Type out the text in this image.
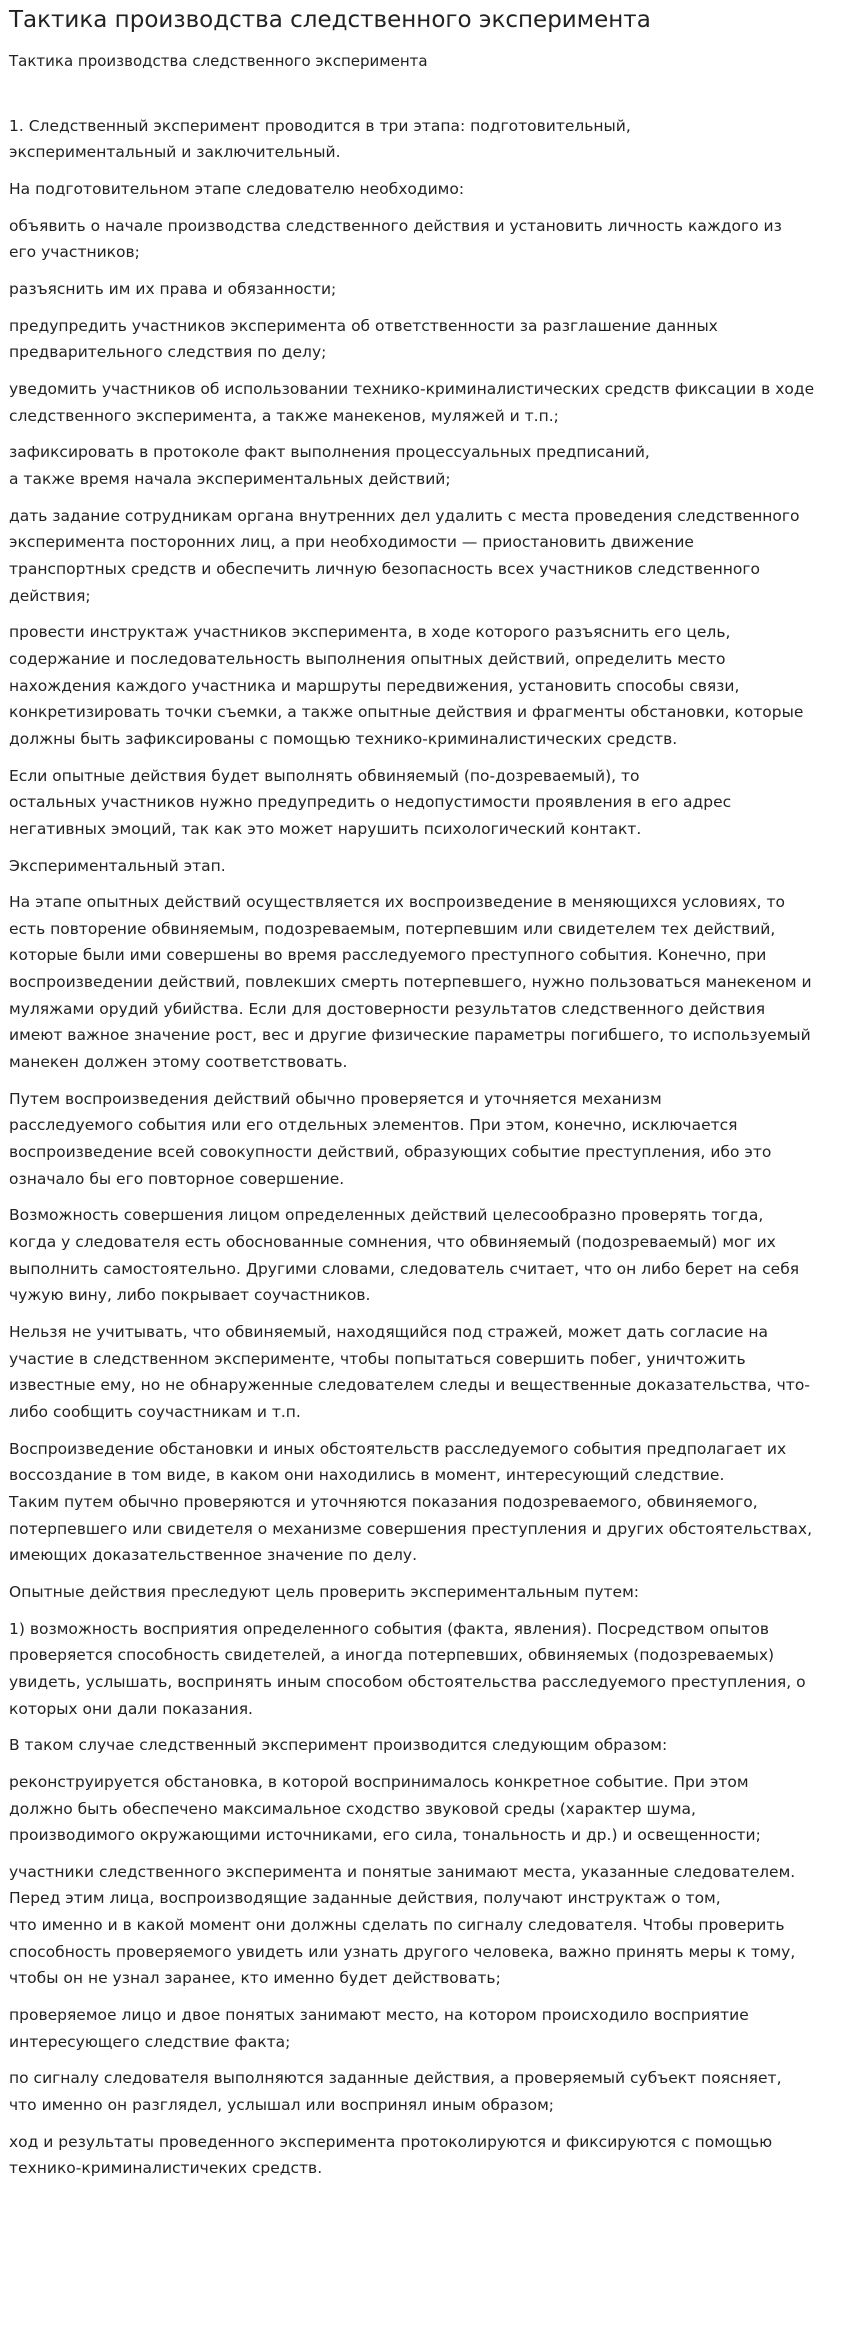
Тактика производства следственного эксперимента
Тактика производства следственного эксперимента

1. Следственный эксперимент проводится в три этапа: подготовительный,
экспериментальный и заключительный.

На подготовительном этапе следователю необходимо:

объявить о начале производства следственного действия и установить личность каждого из
его участников;

разъяснить им их права и обязанности;

предупредить участников эксперимента об ответственности за разглашение данных
предварительного следствия по делу;

уведомить участников об использовании технико-криминалистических средств фиксации в ходе
следственного эксперимента, а также манекенов, муляжей и т.п.;

зафиксировать в протоколе факт выполнения процессуальных предписаний,
а также время начала экспериментальных действий;

дать задание сотрудникам органа внутренних дел удалить с места проведения следственного
эксперимента посторонних лиц, а при необходимости — приостановить движение
транспортных средств и обеспечить личную безопасность всех участников следственного
действия;

провести инструктаж участников эксперимента, в ходе которого разъяснить его цель,
содержание и последовательность выполнения опытных действий, определить место
нахождения каждого участника и маршруты передвижения, установить способы связи,
конкретизировать точки съемки, а также опытные действия и фрагменты обстановки, которые
должны быть зафиксированы с помощью технико-криминалистических средств.

Если опытные действия будет выполнять обвиняемый (по-дозреваемый), то
остальных участников нужно предупредить о недопустимости проявления в его адрес
негативных эмоций, так как это может нарушить психологический контакт.

Экспериментальный этап.

На этапе опытных действий осуществляется их воспроизведение в меняющихся условиях, то
есть повторение обвиняемым, подозреваемым, потерпевшим или свидетелем тех действий,
которые были ими совершены во время расследуемого преступного события. Конечно, при
воспроизведении действий, повлекших смерть потерпевшего, нужно пользоваться манекеном и
муляжами орудий убийства. Если для достоверности результатов следственного действия
имеют важное значение рост, вес и другие физические параметры погибшего, то используемый
манекен должен этому соответствовать.

Путем воспроизведения действий обычно проверяется и уточняется механизм
расследуемого события или его отдельных элементов. При этом, конечно, исключается
воспроизведение всей совокупности действий, образующих событие преступления, ибо это
означало бы его повторное совершение.

Возможность совершения лицом определенных действий целесообразно проверять тогда,
когда у следователя есть обоснованные сомнения, что обвиняемый (подозреваемый) мог их
выполнить самостоятельно. Другими словами, следователь считает, что он либо берет на себя
чужую вину, либо покрывает соучастников.

Нельзя не учитывать, что обвиняемый, находящийся под стражей, может дать согласие на
участие в следственном эксперименте, чтобы попытаться совершить побег, уничтожить
известные ему, но не обнаруженные следователем следы и вещественные доказательства, что-
либо сообщить соучастникам и т.п.

Воспроизведение обстановки и иных обстоятельств расследуемого события предполагает их
воссоздание в том виде, в каком они находились в момент, интересующий следствие.
Таким путем обычно проверяются и уточняются показания подозреваемого, обвиняемого,
потерпевшего или свидетеля о механизме совершения преступления и других обстоятельствах,
имеющих доказательственное значение по делу.

Опытные действия преследуют цель проверить экспериментальным путем:

1) возможность восприятия определенного события (факта, явления). Посредством опытов
проверяется способность свидетелей, а иногда потерпевших, обвиняемых (подозреваемых)
увидеть, услышать, воспринять иным способом обстоятельства расследуемого преступления, о
которых они дали показания.

В таком случае следственный эксперимент производится следующим образом:

реконструируется обстановка, в которой воспринималось конкретное событие. При этом
должно быть обеспечено максимальное сходство звуковой среды (характер шума,
производимого окружающими источниками, его сила, тональность и др.) и освещенности;

участники следственного эксперимента и понятые занимают места, указанные следователем.
Перед этим лица, воспроизводящие заданные действия, получают инструктаж о том,
что именно и в какой момент они должны сделать по сигналу следователя. Чтобы проверить
способность проверяемого увидеть или узнать другого человека, важно принять меры к тому,
чтобы он не узнал заранее, кто именно будет действовать;

проверяемое лицо и двое понятых занимают место, на котором происходило восприятие
интересующего следствие факта;

по сигналу следователя выполняются заданные действия, а проверяемый субъект поясняет,
что именно он разглядел, услышал или воспринял иным образом;

ход и результаты проведенного эксперимента протоколируются и фиксируются с помощью
технико-криминалистичеких средств.
